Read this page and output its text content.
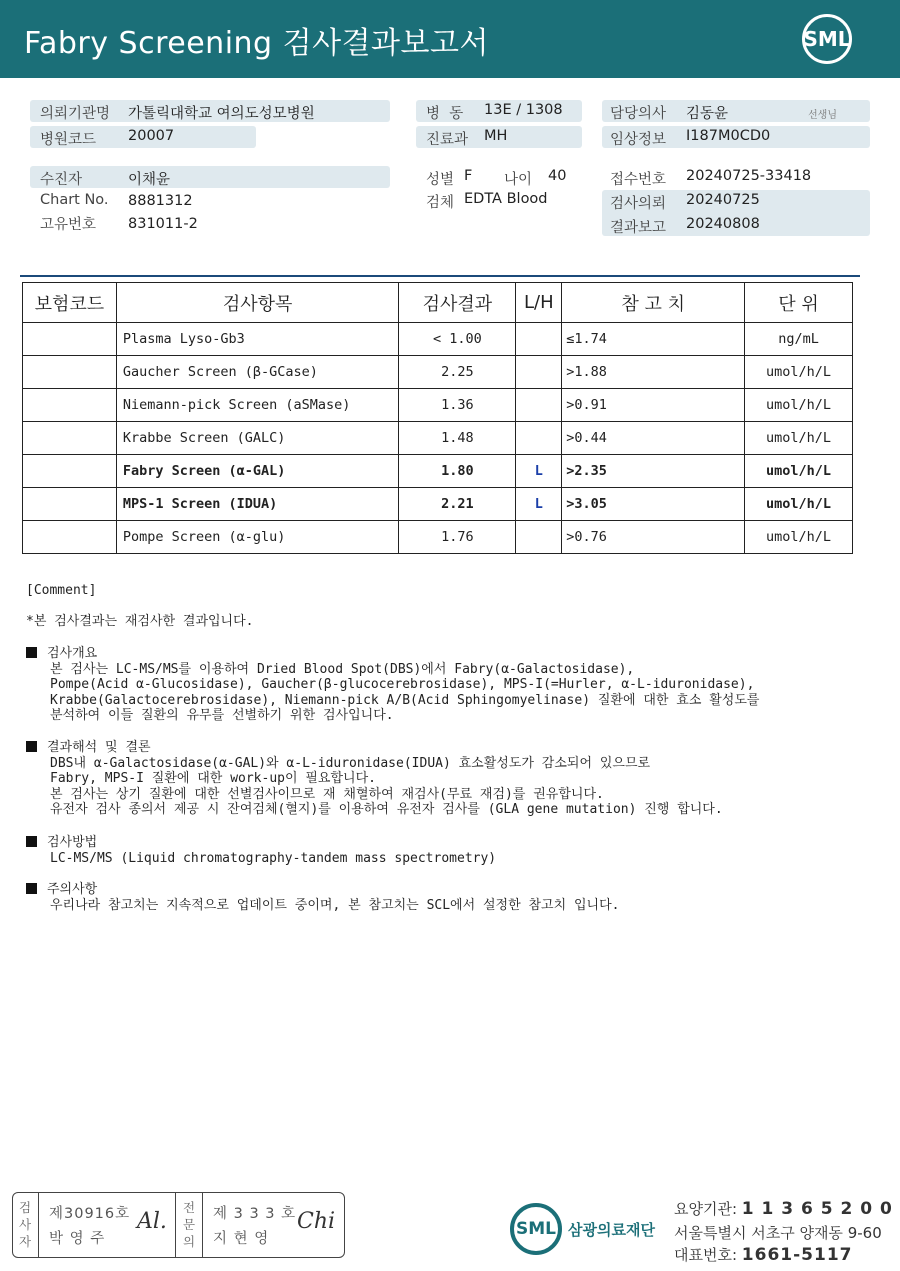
Fabry Screening 검사결과보고서	SML
의뢰기관명 가톨릭대학교 여의도성모병원
병원코드 20007
수진자	이채윤
Chart No. 8881312
고유번호 831011-2
병  동 13E / 1308
진료과 MH
성별 F 나이 40
검체 EDTA Blood
담당의사 김동윤	선생님
임상정보 I187M0CD0
접수번호 20240725-33418
검사의뢰 20240725
결과보고 20240808
보험코드	검사항목	검사결과	L/H	참 고 치	단 위
	Plasma Lyso-Gb3	< 1.00		≤1.74	ng/mL
	Gaucher Screen (β-GCase)	2.25		>1.88	umol/h/L
	Niemann-pick Screen (aSMase)	1.36		>0.91	umol/h/L
	Krabbe Screen (GALC)	1.48		>0.44	umol/h/L
	Fabry Screen (α-GAL)	1.80	L	>2.35	umol/h/L
	MPS-1 Screen (IDUA)	2.21	L	>3.05	umol/h/L
	Pompe Screen (α-glu)	1.76		>0.76	umol/h/L
[Comment]
*본 검사결과는 재검사한 결과입니다.
검사개요
본 검사는 LC-MS/MS를 이용하여 Dried Blood Spot(DBS)에서 Fabry(α-Galactosidase),
Pompe(Acid α-Glucosidase), Gaucher(β-glucocerebrosidase), MPS-I(=Hurler, α-L-iduronidase),
Krabbe(Galactocerebrosidase), Niemann-pick A/B(Acid Sphingomyelinase) 질환에 대한 효소 활성도를
분석하여 이들 질환의 유무를 선별하기 위한 검사입니다.
결과해석 및 결론
DBS내 α-Galactosidase(α-GAL)와 α-L-iduronidase(IDUA) 효소활성도가 감소되어 있으므로
Fabry, MPS-I 질환에 대한 work-up이 필요합니다.
본 검사는 상기 질환에 대한 선별검사이므로 재 채혈하여 재검사(무료 재검)를 권유합니다.
유전자 검사 종의서 제공 시 잔여검체(혈지)를 이용하여 유전자 검사를 (GLA gene mutation) 진행 합니다.
검사방법
LC-MS/MS (Liquid chromatography-tandem mass spectrometry)
주의사항
우리나라 참고치는 지속적으로 업데이트 중이며, 본 참고치는 SCL에서 설정한 참고치 입니다.
검
사
자
제30916호
박 영 주
Al.
전
문
의
제 3 3 3 호
지 현 영
Chi	SML 삼광의료재단
요양기관: 1 1 3 6 5 2 0 0
서울특별시 서초구 양재동 9-60
대표번호: 1661-5117
